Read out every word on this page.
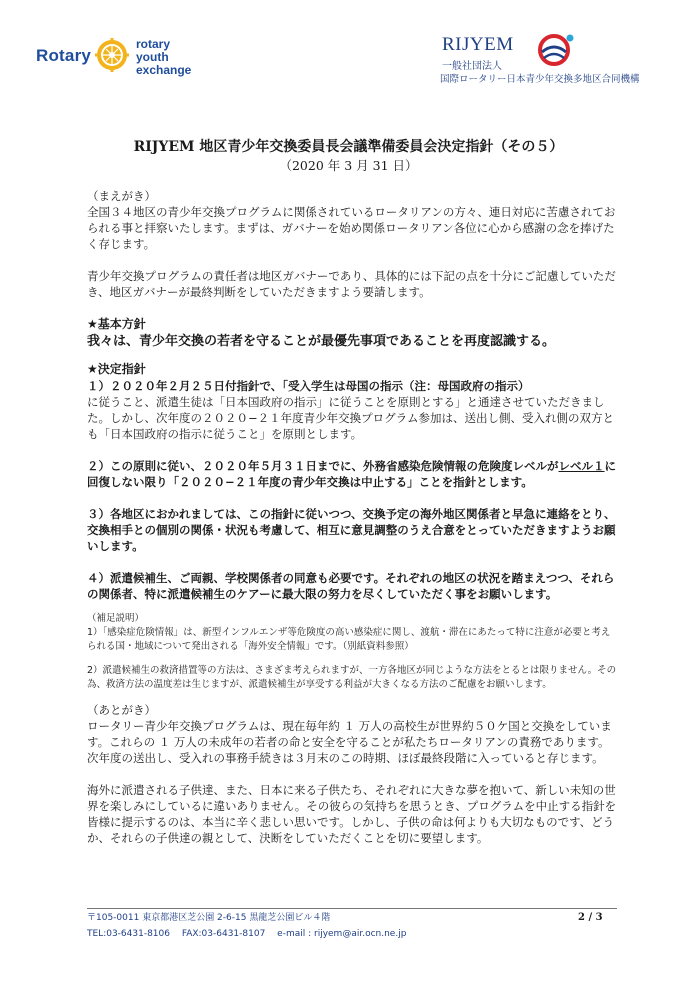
Rotary
rotary
youth
exchange
RIJYEM
一般社団法人
国際ロータリー日本青少年交換多地区合同機構
RIJYEM 地区青少年交換委員長会議準備委員会決定指針（その５）
（2020 年 3 月 31 日）

（まえがき）

全国３４地区の青少年交換プログラムに関係されているロータリアンの方々、連日対応に苦慮されておられる事と拝察いたします。まずは、ガバナーを始め関係ロータリアン各位に心から感謝の念を捧げたく存じます。

青少年交換プログラムの責任者は地区ガバナーであり、具体的には下記の点を十分にご記慮していただき、地区ガバナーが最終判断をしていただきますよう要請します。

★基本方針

我々は、青少年交換の若者を守ることが最優先事項であることを再度認識する。

★決定指針

１）２０２０年２月２５日付指針で、「受入学生は母国の指示（注：母国政府の指示）

に従うこと、派遣生徒は「日本国政府の指示」に従うことを原則とする」と通達させていただきました。しかし、次年度の２０２０−２１年度青少年交換プログラム参加は、送出し側、受入れ側の双方とも「日本国政府の指示に従うこと」を原則とします。

２）この原則に従い、２０２０年５月３１日までに、外務省感染危険情報の危険度レベルがレベル１に回復しない限り「２０２０−２１年度の青少年交換は中止する」ことを指針とします。

３）各地区におかれましては、この指針に従いつつ、交換予定の海外地区関係者と早急に連絡をとり、交換相手との個別の関係・状況も考慮して、相互に意見調整のうえ合意をとっていただきますようお願いします。

４）派遣候補生、ご両親、学校関係者の同意も必要です。それぞれの地区の状況を踏まえつつ、それらの関係者、特に派遣候補生のケアーに最大限の努力を尽くしていただく事をお願いします。

（補足説明）

1）「感染症危険情報」は、新型インフルエンザ等危険度の高い感染症に関し、渡航・滞在にあたって特に注意が必要と考えられる国・地域について発出される「海外安全情報」です。（別紙資料参照）

2）派遣候補生の救済措置等の方法は、さまざま考えられますが、一方各地区が同じような方法をとるとは限りません。その為、救済方法の温度差は生じますが、派遣候補生が享受する利益が大きくなる方法のご配慮をお願いします。

（あとがき）

ロータリー青少年交換プログラムは、現在毎年約 １ 万人の高校生が世界約５０ケ国と交換をしています。これらの １ 万人の未成年の若者の命と安全を守ることが私たちロータリアンの責務であります。次年度の送出し、受入れの事務手続きは３月末のこの時期、ほぼ最終段階に入っていると存じます。

海外に派遣される子供達、また、日本に来る子供たち、それぞれに大きな夢を抱いて、新しい未知の世界を楽しみにしているに違いありません。その彼らの気持ちを思うとき、プログラムを中止する指針を皆様に提示するのは、本当に辛く悲しい思いです。しかし、子供の命は何よりも大切なものです、どうか、それらの子供達の親として、決断をしていただくことを切に要望します。

〒105-0011 東京都港区芝公園 2-6-15 黒龍芝公園ビル４階

TEL:03-6431-8106　 FAX:03-6431-8107　 e-mail : rijyem@air.ocn.ne.jp

2 / 3
